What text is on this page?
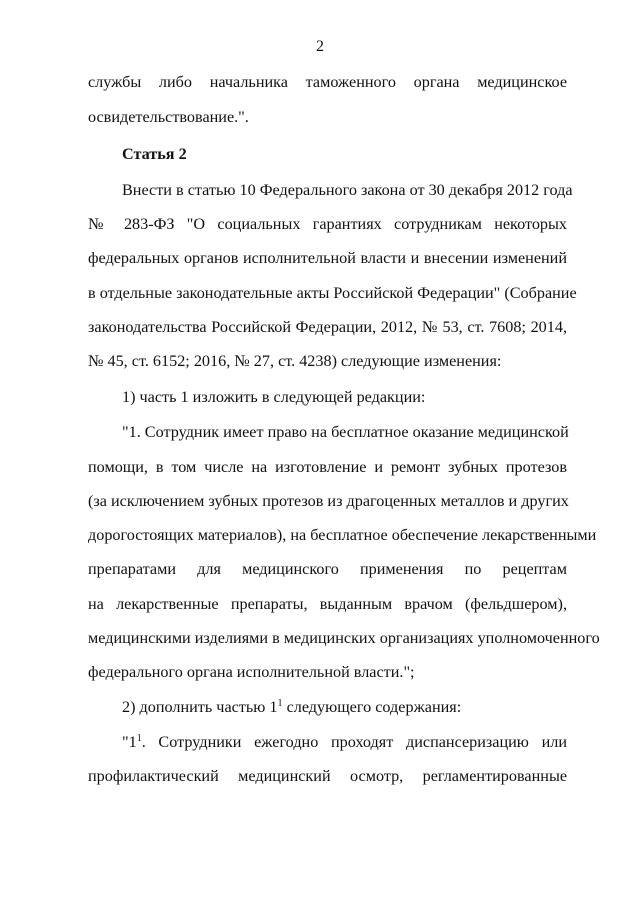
2
службы либо начальника таможенного органа медицинское
освидетельствование.".
Статья 2
Внести в статью 10 Федерального закона от 30 декабря 2012 года
№ 283-ФЗ "О социальных гарантиях сотрудникам некоторых
федеральных органов исполнительной власти и внесении изменений
в отдельные законодательные акты Российской Федерации" (Собрание
законодательства Российской Федерации, 2012, № 53, ст. 7608; 2014,
№ 45, ст. 6152; 2016, № 27, ст. 4238) следующие изменения:
1) часть 1 изложить в следующей редакции:
"1. Сотрудник имеет право на бесплатное оказание медицинской
помощи, в том числе на изготовление и ремонт зубных протезов
(за исключением зубных протезов из драгоценных металлов и других
дорогостоящих материалов), на бесплатное обеспечение лекарственными
препаратами для медицинского применения по рецептам
на лекарственные препараты, выданным врачом (фельдшером),
медицинскими изделиями в медицинских организациях уполномоченного
федерального органа исполнительной власти.";
2) дополнить частью $1^1$ следующего содержания:
"$1^1$. Сотрудники ежегодно проходят диспансеризацию или
профилактический медицинский осмотр, регламентированные
